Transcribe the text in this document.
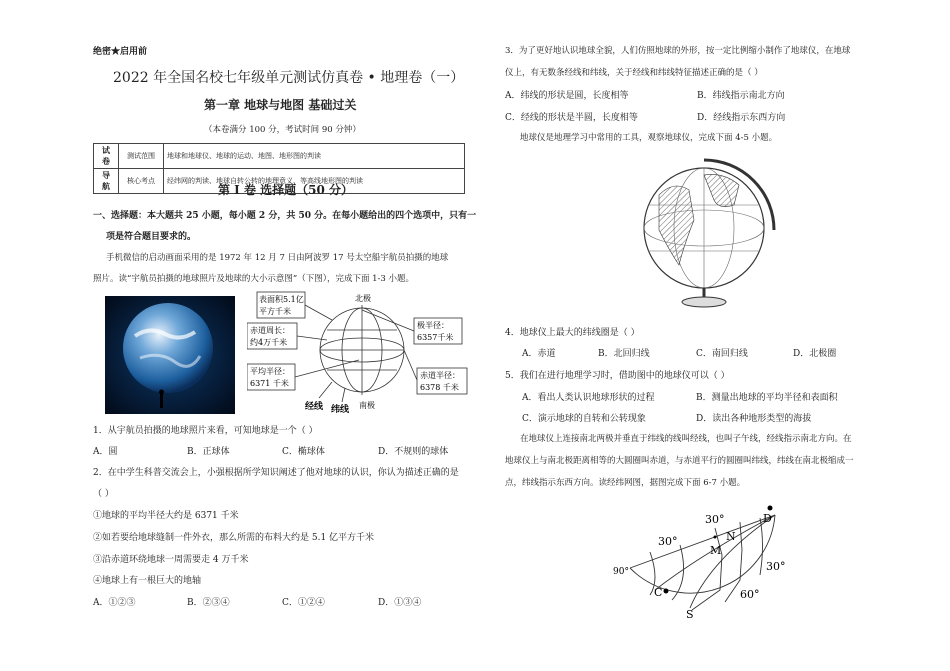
绝密★启用前
2022 年全国名校七年级单元测试仿真卷 • 地理卷（一）
第一章 地球与地图 基础过关
（本卷满分 100 分，考试时间 90 分钟）
试 卷	测试范围	地球和地球仪、地球的运动、地图、地形图的判读
导 航	核心考点	经纬网的判读、地球自转公转的地理意义、等高线地形图的判读
第 Ⅰ 卷 选择题（50 分）
一、选择题：本大题共 25 小题，每小题 2 分，共 50 分。在每小题给出的四个选项中，只有一
项是符合题目要求的。
手机微信的启动画面采用的是 1972 年 12 月 7 日由阿波罗 17 号太空船宇航员拍摄的地球
照片。读“宇航员拍摄的地球照片及地球的大小示意图”（下图），完成下面 1-3 小题。
表面积5.1亿
平方千米
赤道周长：
约4万千米
平均半径：
6371 千米
极半径：
6357千米
赤道半径：
6378 千米
北极
南极
经线 纬线
1．从宇航员拍摄的地球照片来看，可知地球是一个（ ）
A．圆	B．正球体	C．椭球体	D．不规则的球体
2．在中学生科普交流会上，小强根据所学知识阐述了他对地球的认识，你认为描述正确的是
（ ）
①地球的平均半径大约是 6371 千米
②如若要给地球缝制一件外衣，那么所需的布料大约是 5.1 亿平方千米
③沿赤道环绕地球一周需要走 4 万千米
④地球上有一根巨大的地轴
A．①②③	B．②③④	C．①②④	D．①③④
3．为了更好地认识地球全貌，人们仿照地球的外形，按一定比例缩小制作了地球仪，在地球
仪上，有无数条经线和纬线，关于经线和纬线特征描述正确的是（ ）
A．纬线的形状是圆，长度相等	B．纬线指示南北方向
C．经线的形状是半圆，长度相等	D．经线指示东西方向
地球仪是地理学习中常用的工具，观察地球仪，完成下面 4-5 小题。
4．地球仪上最大的纬线圈是（ ）
A．赤道	B．北回归线	C．南回归线	D．北极圈
5．我们在进行地理学习时，借助图中的地球仪可以（ ）
A．看出人类认识地球形状的过程	B．测量出地球的平均半径和表面积
C．演示地球的自转和公转现象	D．读出各种地形类型的海拔
在地球仪上连接南北两极并垂直于纬线的线叫经线，也叫子午线，经线指示南北方向。在
地球仪上与南北极距离相等的大圆圈叫赤道，与赤道平行的圆圈叫纬线，纬线在南北极缩成一
点，纬线指示东西方向。读经纬网图，据图完成下面 6-7 小题。
30°
30°
30°
60°
90°
D
N
M
C
S
